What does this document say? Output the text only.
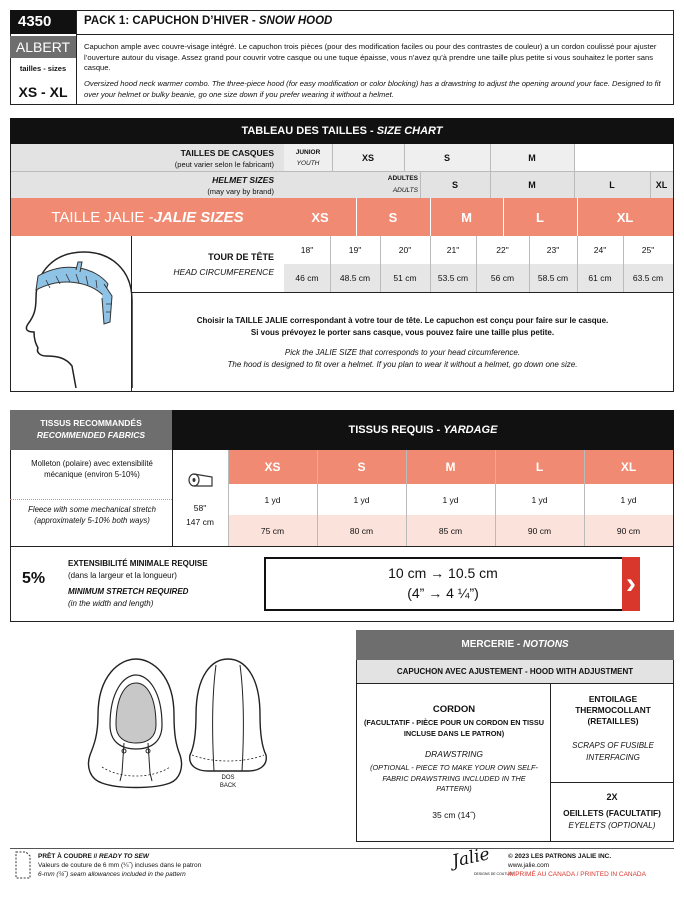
4350
ALBERT
tailles - sizes
XS - XL
PACK 1: CAPUCHON D’HIVER - SNOW HOOD
Capuchon ample avec couvre-visage intégré. Le capuchon trois pièces (pour des modification faciles ou pour des contrastes de couleur) a un cordon coulissé pour ajuster l’ouverture autour du visage. Assez grand pour couvrir votre casque ou une tuque épaisse, vous n’avez qu’à prendre une taille plus petite si vous souhaitez le porter sans casque.
Oversized hood neck warmer combo. The three-piece hood (for easy modification or color blocking) has a drawstring to adjust the opening around your face. Designed to fit over your helmet or bulky beanie, go one size down if you prefer wearing it without a helmet.
TABLEAU DES TAILLES - SIZE CHART
TAILLES DE CASQUES
(peut varier selon le fabricant)
HELMET SIZES
(may vary by brand)
JUNIOR
YOUTH
XS	S	M
ADULTES
ADULTS
S	M	L	XL
TAILLE JALIE - JALIE SIZES	XS	S	M	L	XL
TOUR DE TÊTE
HEAD CIRCUMFERENCE
18"	19"	20"	21"	22"	23"	24"	25"
46 cm	48.5 cm	51 cm	53.5 cm	56 cm	58.5 cm	61 cm	63.5 cm
Choisir la TAILLE JALIE correspondant à votre tour de tête. Le capuchon est conçu pour faire sur le casque.
Si vous prévoyez le porter sans casque, vous pouvez faire une taille plus petite.
Pick the JALIE SIZE that corresponds to your head circumference.
The hood is designed to fit over a helmet. If you plan to wear it without a helmet, go down one size.
TISSUS RECOMMANDÉS
RECOMMENDED FABRICS	TISSUS REQUIS - YARDAGE
Molleton (polaire) avec extensibilité mécanique (environ 5-10%)
Fleece with some mechanical stretch (approximately 5-10% both ways)
58"
147 cm
XS	S	M	L	XL
1 yd	1 yd	1 yd	1 yd	1 yd
75 cm	80 cm	85 cm	90 cm	90 cm
5%
EXTENSIBILITÉ MINIMALE REQUISE
(dans la largeur et la longueur)
MINIMUM STRETCH REQUIRED
(in the width and length)
10 cm → 10.5 cm
(4” → 4 ¼”)	›
DOS
BACK
MERCERIE - NOTIONS
CAPUCHON AVEC AJUSTEMENT - HOOD WITH ADJUSTMENT
CORDON
(FACULTATIF - PIÈCE POUR UN CORDON EN TISSU INCLUSE DANS LE PATRON)
DRAWSTRING
(OPTIONAL - PIECE TO MAKE YOUR OWN SELF-FABRIC DRAWSTRING INCLUDED IN THE PATTERN)
35 cm (14˝)
ENTOILAGE THERMOCOLLANT (RETAILLES)
SCRAPS OF FUSIBLE INTERFACING
2X
OEILLETS (FACULTATIF)
EYELETS (OPTIONAL)
PRÊT À COUDRE // READY TO SEW
Valeurs de couture de 6 mm (¼˝) incluses dans le patron
6-mm (¼˝) seam allowances included in the pattern
Jalie
DESIGNS DE COUTURE
© 2023 LES PATRONS JALIE INC.
www.jalie.com
IMPRIMÉ AU CANADA / PRINTED IN CANADA
